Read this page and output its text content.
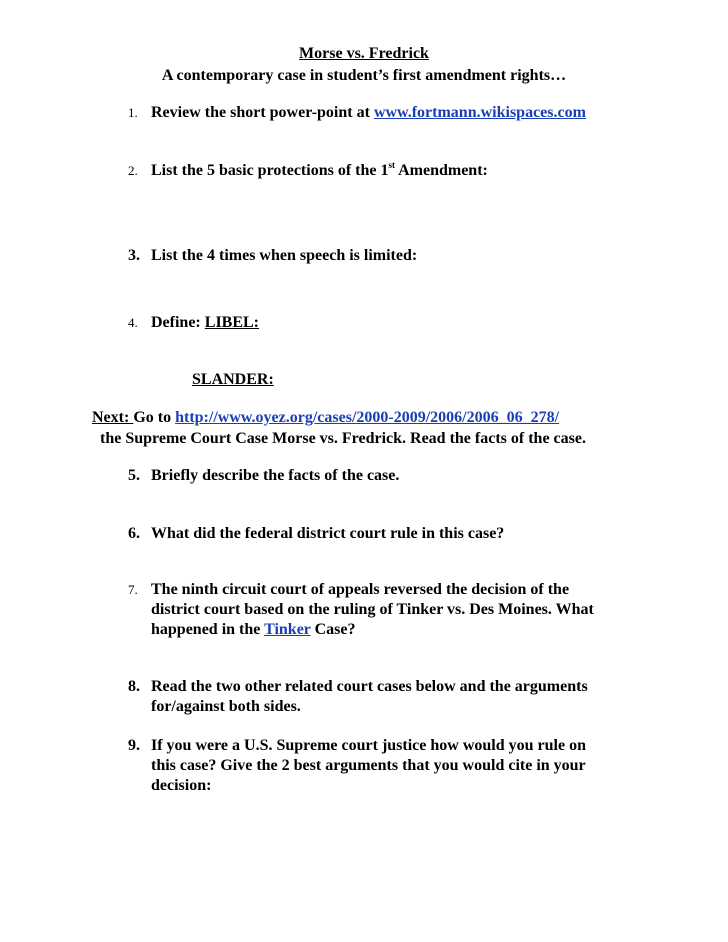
Morse vs. Fredrick
A contemporary case in student’s first amendment rights…
1. Review the short power-point at www.fortmann.wikispaces.com
2. List the 5 basic protections of the 1st Amendment:
3. List the 4 times when speech is limited:
4. Define: LIBEL:
SLANDER:
Next: Go to http://www.oyez.org/cases/2000-2009/2006/2006_06_278/
the Supreme Court Case Morse vs. Fredrick. Read the facts of the case.
5. Briefly describe the facts of the case.
6. What did the federal district court rule in this case?
7. The ninth circuit court of appeals reversed the decision of the
district court based on the ruling of Tinker vs. Des Moines. What
happened in the Tinker Case?
8. Read the two other related court cases below and the arguments
for/against both sides.
9. If you were a U.S. Supreme court justice how would you rule on
this case? Give the 2 best arguments that you would cite in your
decision:
